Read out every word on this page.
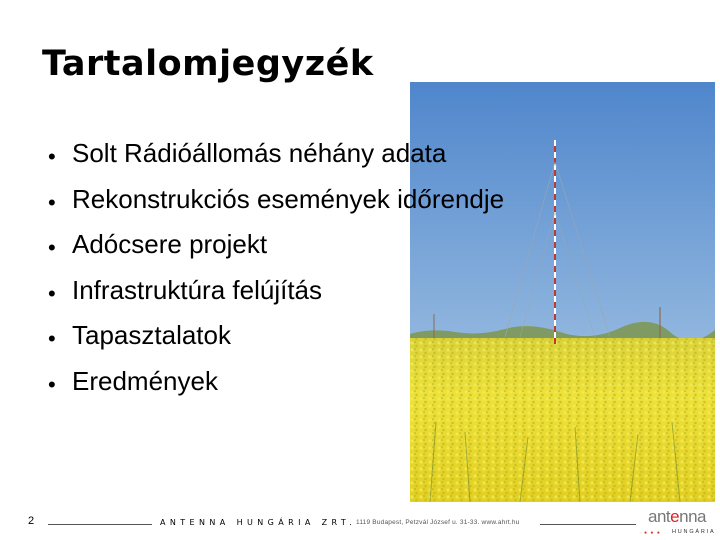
Tartalomjegyzék
• Solt Rádióállomás néhány adata
• Rekonstrukciós események időrendje
• Adócsere projekt
• Infrastruktúra felújítás
• Tapasztalatok
• Eredmények
2	ANTENNA HUNGÁRIA ZRT. 1119 Budapest, Petzvál József u. 31-33. www.ahrt.hu	antenna
● ● ● HUNGÁRIA
